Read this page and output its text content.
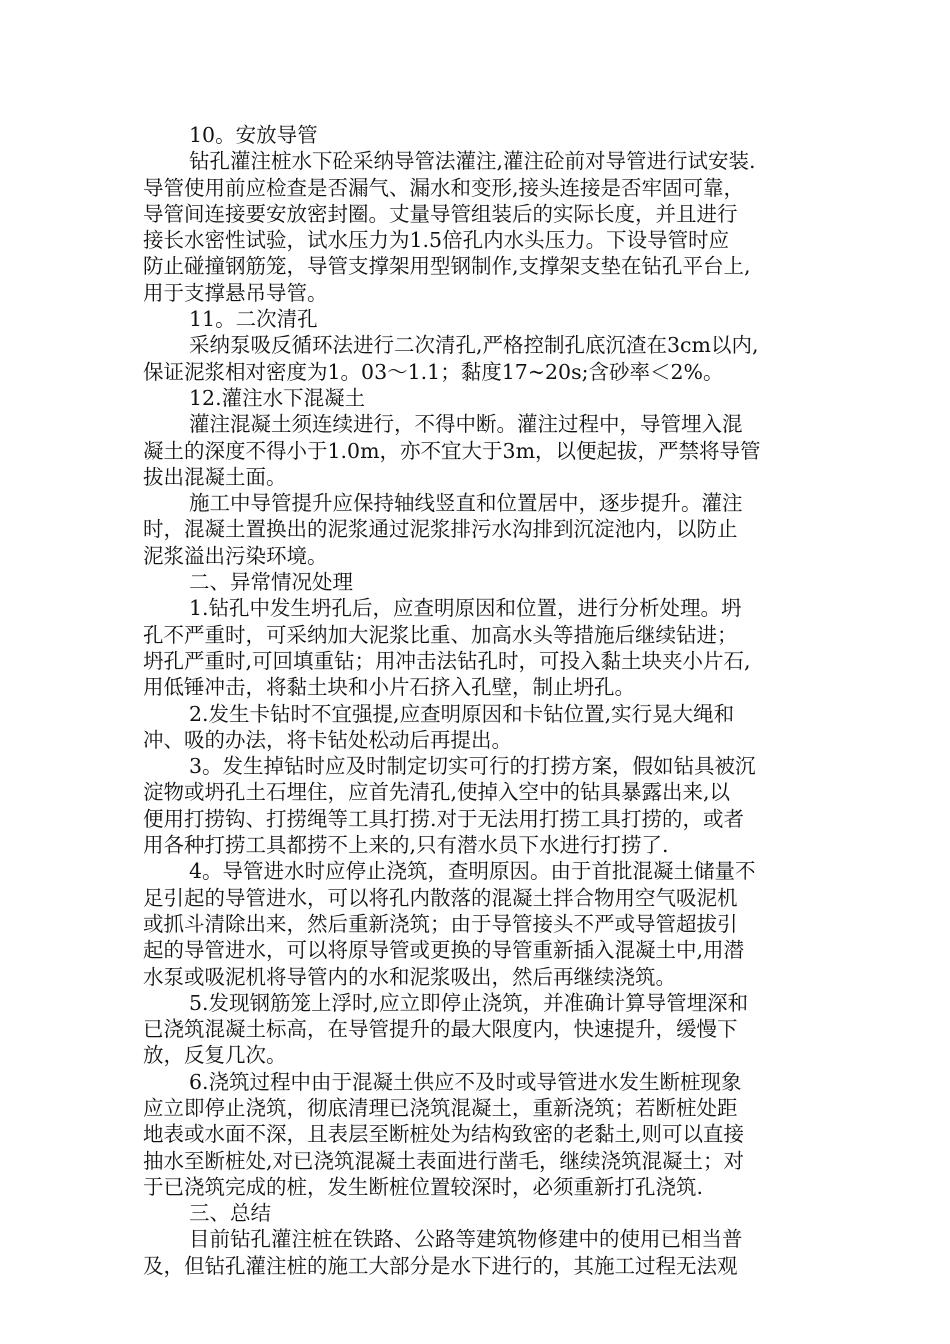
10。安放导管
钻孔灌注桩水下砼采纳导管法灌注,灌注砼前对导管进行试安装.
导管使用前应检查是否漏气、漏水和变形,接头连接是否牢固可靠，
导管间连接要安放密封圈。丈量导管组装后的实际长度，并且进行
接长水密性试验，试水压力为1.5倍孔内水头压力。下设导管时应
防止碰撞钢筋笼，导管支撑架用型钢制作,支撑架支垫在钻孔平台上,
用于支撑悬吊导管。
11。二次清孔
采纳泵吸反循环法进行二次清孔,严格控制孔底沉渣在3cm以内,
保证泥浆相对密度为1。03～1.1；黏度17~20s;含砂率＜2%。
12.灌注水下混凝土
灌注混凝土须连续进行，不得中断。灌注过程中，导管埋入混
凝土的深度不得小于1.0m，亦不宜大于3m，以便起拔，严禁将导管
拔出混凝土面。
施工中导管提升应保持轴线竖直和位置居中，逐步提升。灌注
时，混凝土置换出的泥浆通过泥浆排污水沟排到沉淀池内，以防止
泥浆溢出污染环境。
二、异常情况处理
1.钻孔中发生坍孔后，应查明原因和位置，进行分析处理。坍
孔不严重时，可采纳加大泥浆比重、加高水头等措施后继续钻进；
坍孔严重时,可回填重钻；用冲击法钻孔时，可投入黏土块夹小片石,
用低锤冲击，将黏土块和小片石挤入孔壁，制止坍孔。
2.发生卡钻时不宜强提,应查明原因和卡钻位置,实行晃大绳和
冲、吸的办法，将卡钻处松动后再提出。
3。发生掉钻时应及时制定切实可行的打捞方案，假如钻具被沉
淀物或坍孔土石埋住，应首先清孔,使掉入空中的钻具暴露出来,以
便用打捞钩、打捞绳等工具打捞.对于无法用打捞工具打捞的，或者
用各种打捞工具都捞不上来的,只有潜水员下水进行打捞了.
4。导管进水时应停止浇筑，查明原因。由于首批混凝土储量不
足引起的导管进水，可以将孔内散落的混凝土拌合物用空气吸泥机
或抓斗清除出来，然后重新浇筑；由于导管接头不严或导管超拔引
起的导管进水，可以将原导管或更换的导管重新插入混凝土中,用潜
水泵或吸泥机将导管内的水和泥浆吸出，然后再继续浇筑。
5.发现钢筋笼上浮时,应立即停止浇筑，并准确计算导管埋深和
已浇筑混凝土标高，在导管提升的最大限度内，快速提升，缓慢下
放，反复几次。
6.浇筑过程中由于混凝土供应不及时或导管进水发生断桩现象
应立即停止浇筑，彻底清理已浇筑混凝土，重新浇筑；若断桩处距
地表或水面不深，且表层至断桩处为结构致密的老黏土,则可以直接
抽水至断桩处,对已浇筑混凝土表面进行凿毛，继续浇筑混凝土；对
于已浇筑完成的桩，发生断桩位置较深时，必须重新打孔浇筑.
三、总结
目前钻孔灌注桩在铁路、公路等建筑物修建中的使用已相当普
及，但钻孔灌注桩的施工大部分是水下进行的，其施工过程无法观
